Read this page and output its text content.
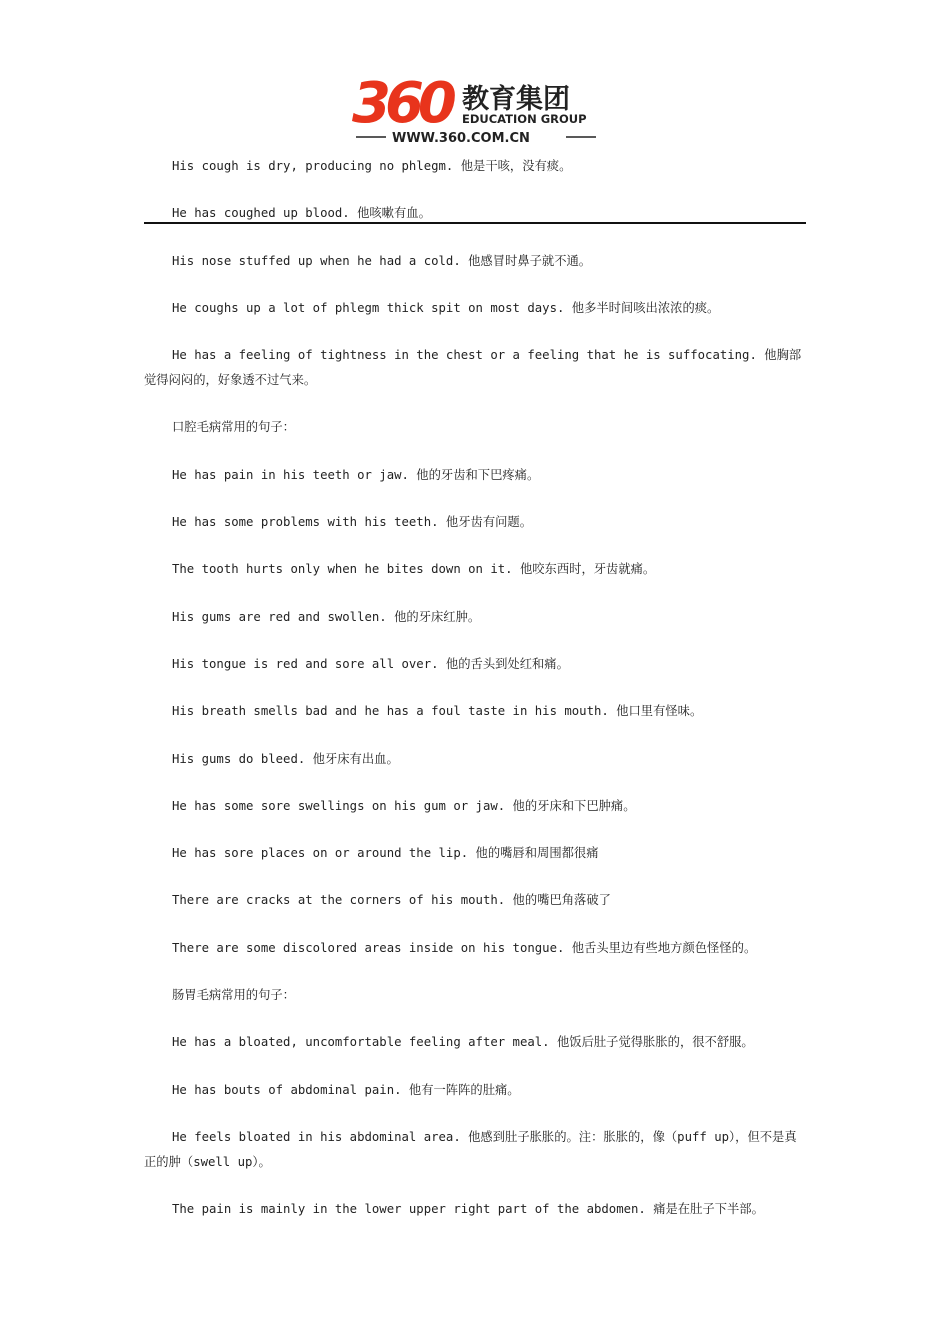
360 教育集团
EDUCATION GROUP
WWW.360.COM.CN

His cough is dry, producing no phlegm. 他是干咳，没有痰。

He has coughed up blood. 他咳嗽有血。

His nose stuffed up when he had a cold. 他感冒时鼻子就不通。

He coughs up a lot of phlegm thick spit on most days. 他多半时间咳出浓浓的痰。

He has a feeling of tightness in the chest or a feeling that he is suffocating. 他胸部觉得闷闷的，好象透不过气来。

口腔毛病常用的句子：

He has pain in his teeth or jaw. 他的牙齿和下巴疼痛。

He has some problems with his teeth. 他牙齿有问题。

The tooth hurts only when he bites down on it. 他咬东西时，牙齿就痛。

His gums are red and swollen. 他的牙床红肿。

His tongue is red and sore all over. 他的舌头到处红和痛。

His breath smells bad and he has a foul taste in his mouth. 他口里有怪味。

His gums do bleed. 他牙床有出血。

He has some sore swellings on his gum or jaw. 他的牙床和下巴肿痛。

He has sore places on or around the lip. 他的嘴唇和周围都很痛

There are cracks at the corners of his mouth. 他的嘴巴角落破了

There are some discolored areas inside on his tongue. 他舌头里边有些地方颜色怪怪的。

肠胃毛病常用的句子：

He has a bloated, uncomfortable feeling after meal. 他饭后肚子觉得胀胀的，很不舒服。

He has bouts of abdominal pain. 他有一阵阵的肚痛。

He feels bloated in his abdominal area. 他感到肚子胀胀的。注：胀胀的，像（puff up），但不是真正的肿（swell up）。

The pain is mainly in the lower upper right part of the abdomen. 痛是在肚子下半部。
